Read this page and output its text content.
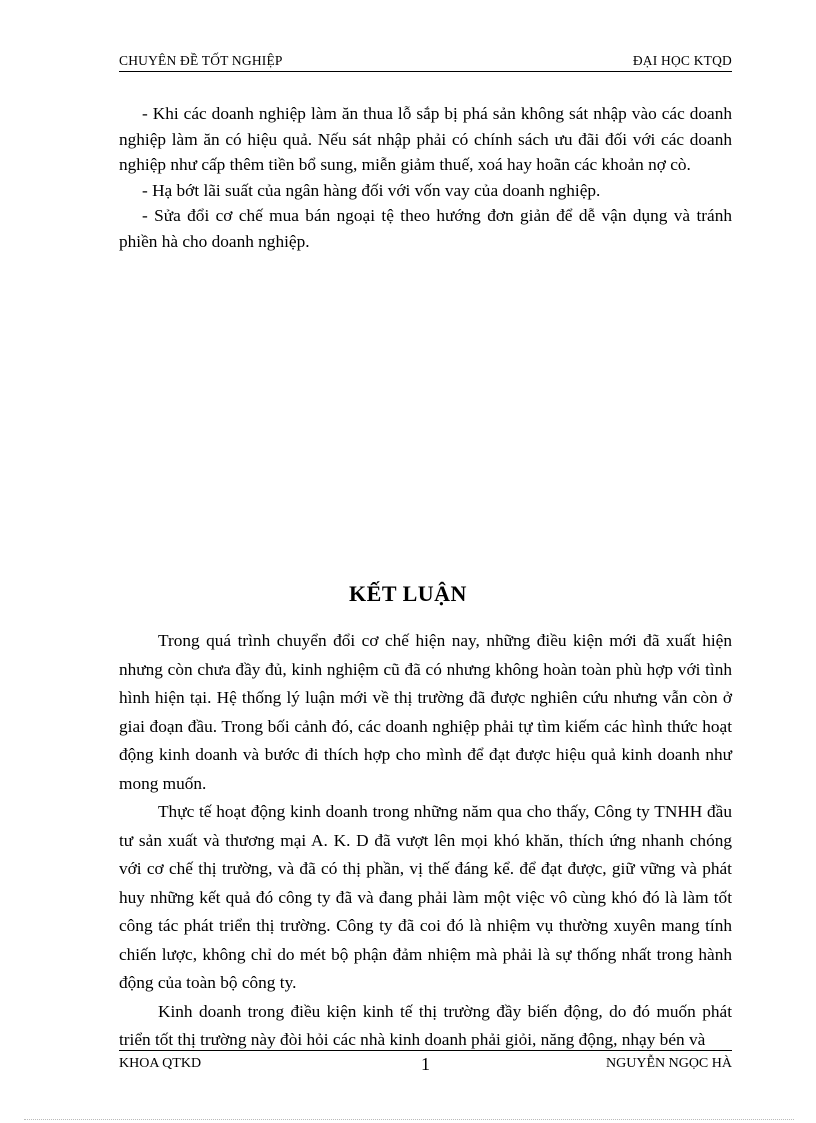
CHUYÊN ĐỀ TỐT NGHIỆP	ĐẠI HỌC KTQD

- Khi các doanh nghiệp làm ăn thua lỗ sắp bị phá sản không sát nhập vào các doanh nghiệp làm ăn có hiệu quả. Nếu sát nhập phải có chính sách ưu đãi đối với các doanh nghiệp như cấp thêm tiền bổ sung, miễn giảm thuế, xoá hay hoãn các khoản nợ cò.

- Hạ bớt lãi suất của ngân hàng đối với vốn vay của doanh nghiệp.

- Sửa đổi cơ chế mua bán ngoại tệ theo hướng đơn giản để dễ vận dụng và tránh phiền hà cho doanh nghiệp.

KẾT LUẬN

Trong quá trình chuyển đổi cơ chế hiện nay, những điều kiện mới đã xuất hiện nhưng còn chưa đầy đủ, kinh nghiệm cũ đã có nhưng không hoàn toàn phù hợp với tình hình hiện tại. Hệ thống lý luận mới về thị trường đã được nghiên cứu nhưng vẫn còn ở giai đoạn đầu. Trong bối cảnh đó, các doanh nghiệp phải tự tìm kiếm các hình thức hoạt động kinh doanh và bước đi thích hợp cho mình để đạt được hiệu quả kinh doanh như mong muốn.

Thực tế hoạt động kinh doanh trong những năm qua cho thấy, Công ty TNHH đầu tư sản xuất và thương mại A. K. D đã vượt lên mọi khó khăn, thích ứng nhanh chóng với cơ chế thị trường, và đã có thị phần, vị thế đáng kể. để đạt được, giữ vững và phát huy những kết quả đó công ty đã và đang phải làm một việc vô cùng khó đó là làm tốt công tác phát triển thị trường. Công ty đã coi đó là nhiệm vụ thường xuyên mang tính chiến lược, không chỉ do mét bộ phận đảm nhiệm mà phải là sự thống nhất trong hành động của toàn bộ công ty.

Kinh doanh trong điều kiện kinh tế thị trường đầy biến động, do đó muốn phát triển tốt thị trường này đòi hỏi các nhà kinh doanh phải giỏi, năng động, nhạy bén và

KHOA QTKD	1	NGUYỄN NGỌC HÀ
